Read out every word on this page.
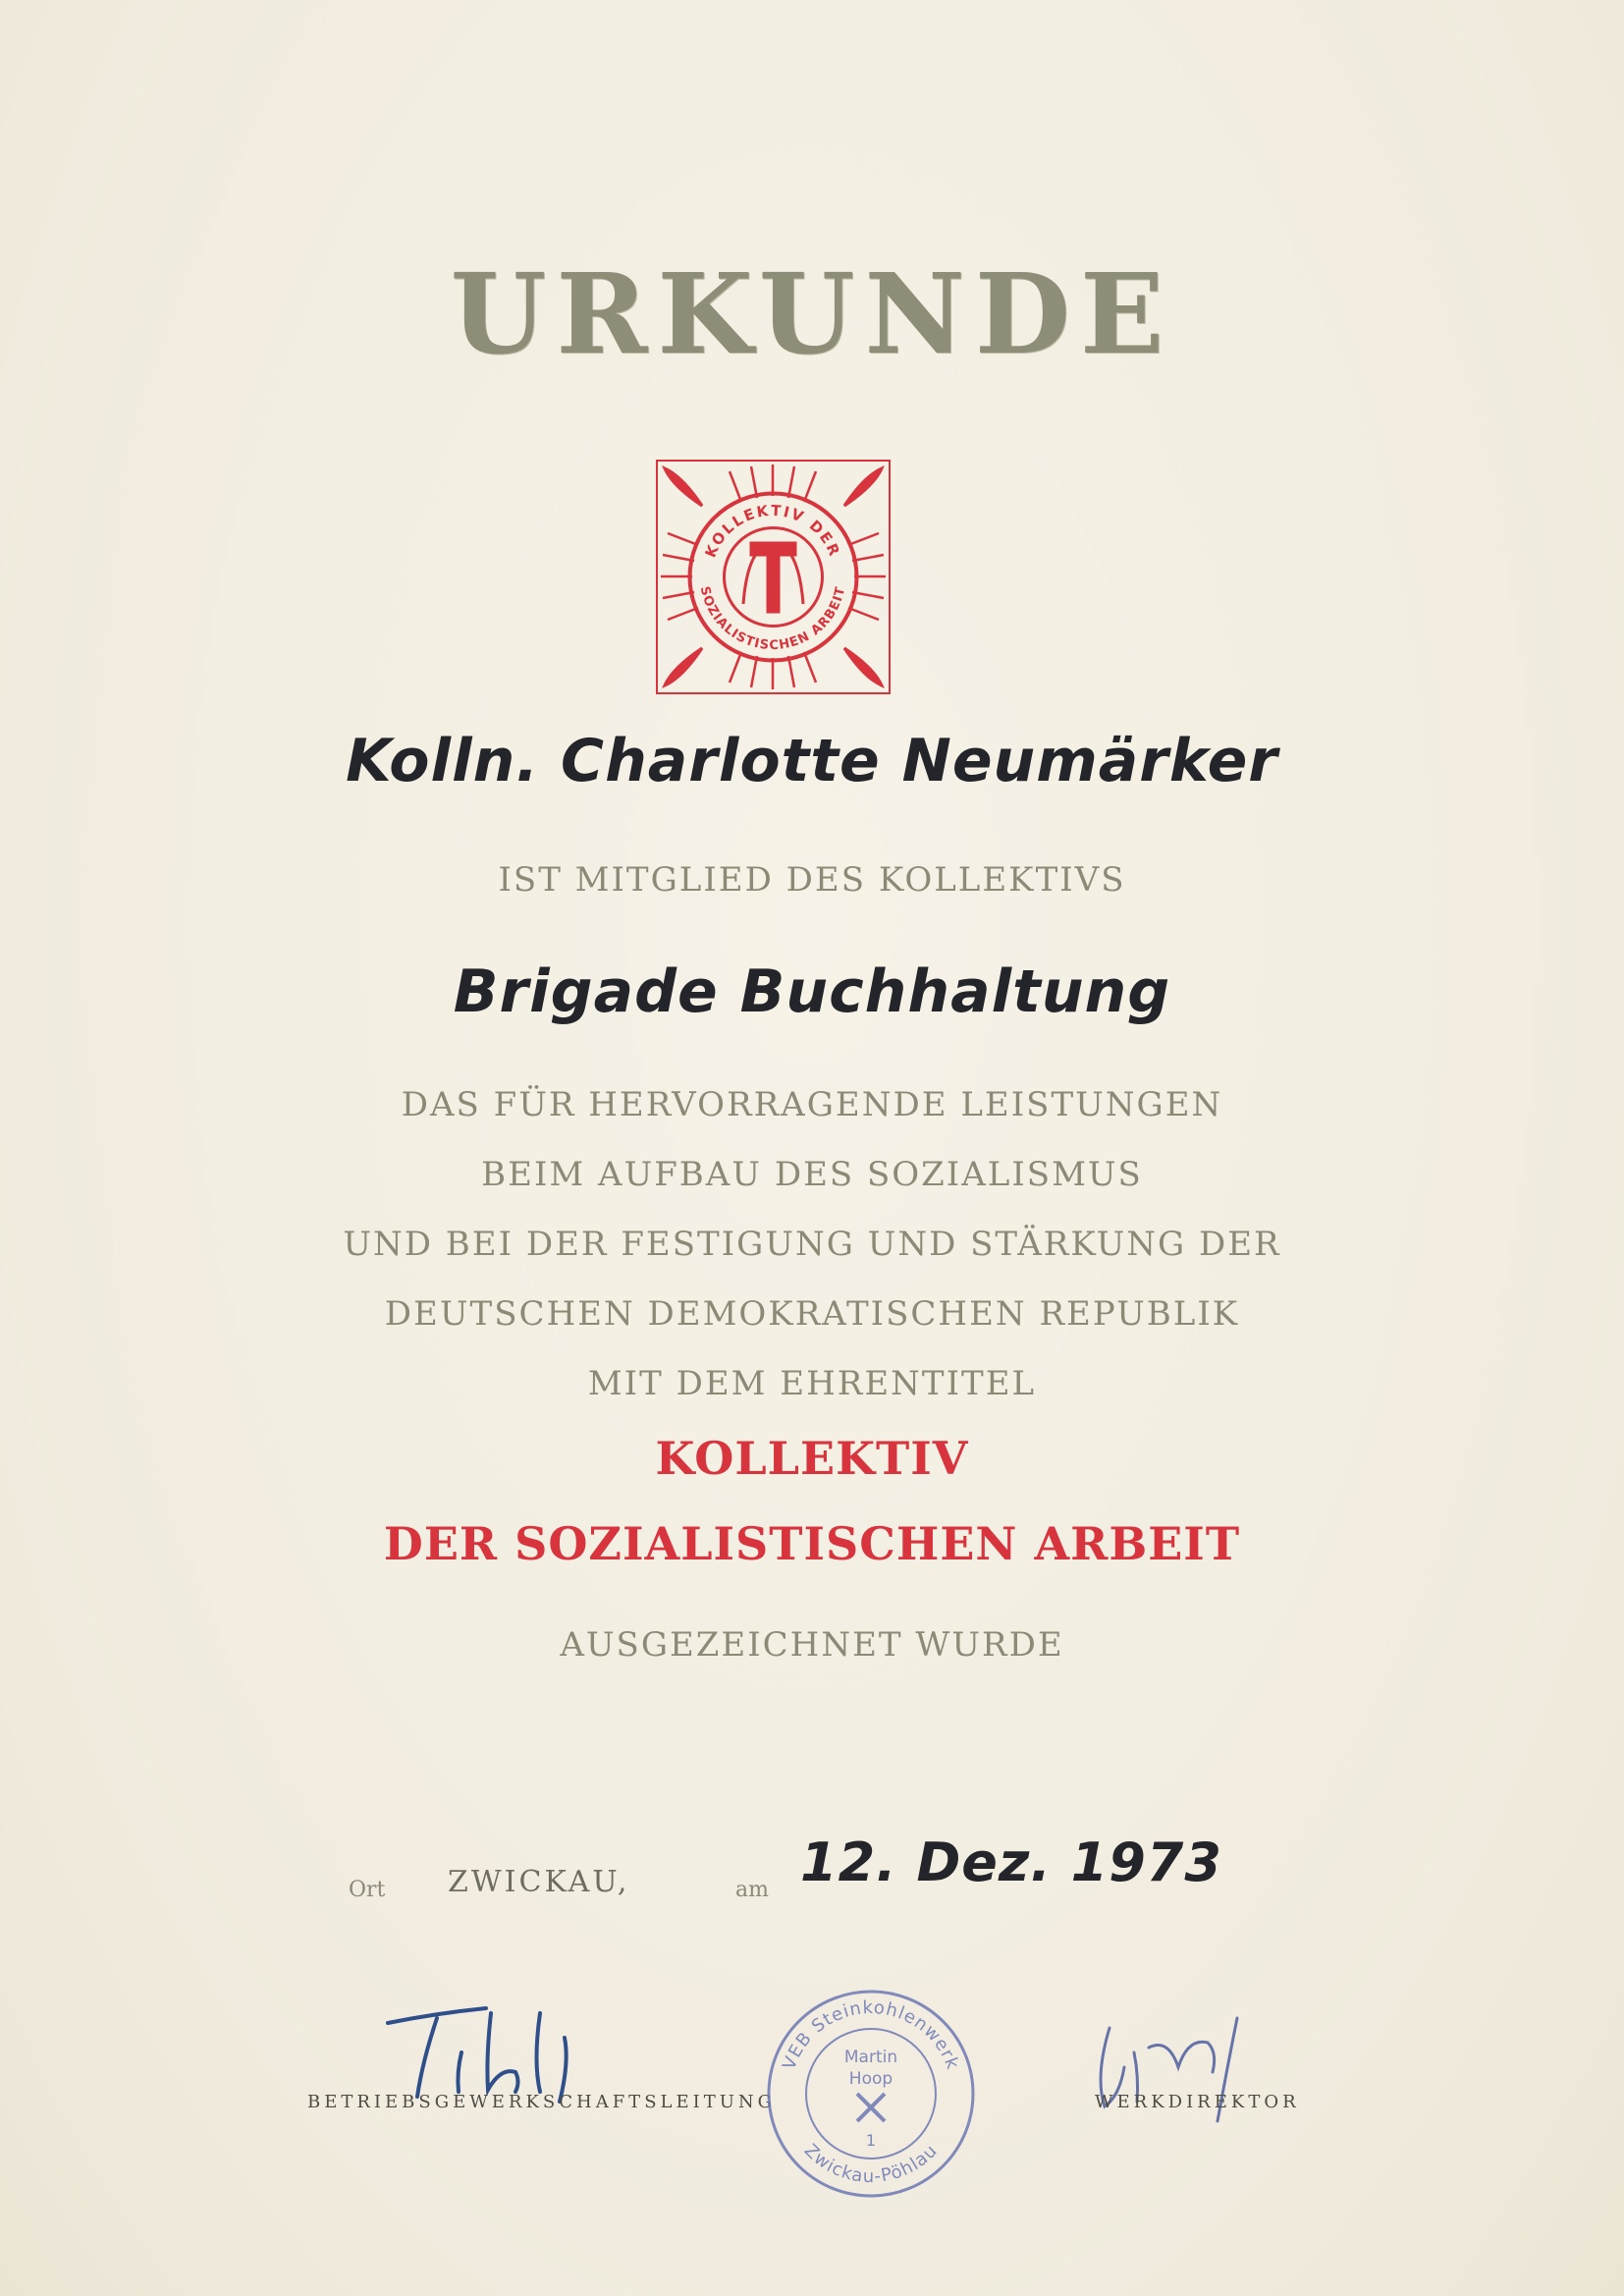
URKUNDE
KOLLEKTIV DER
SOZIALISTISCHEN ARBEIT
Kolln. Charlotte Neumärker
IST MITGLIED DES KOLLEKTIVS
Brigade Buchhaltung
DAS FÜR HERVORRAGENDE LEISTUNGEN
BEIM AUFBAU DES SOZIALISMUS
UND BEI DER FESTIGUNG UND STÄRKUNG DER
DEUTSCHEN DEMOKRATISCHEN REPUBLIK
MIT DEM EHRENTITEL
KOLLEKTIV
DER SOZIALISTISCHEN ARBEIT
AUSGEZEICHNET WURDE
Ort ZWICKAU,	am 12. Dez. 1973
BETRIEBSGEWERKSCHAFTSLEITUNG	WERKDIREKTOR
VEB Steinkohlenwerk
Zwickau-Pöhlau
Martin
Hoop
1
